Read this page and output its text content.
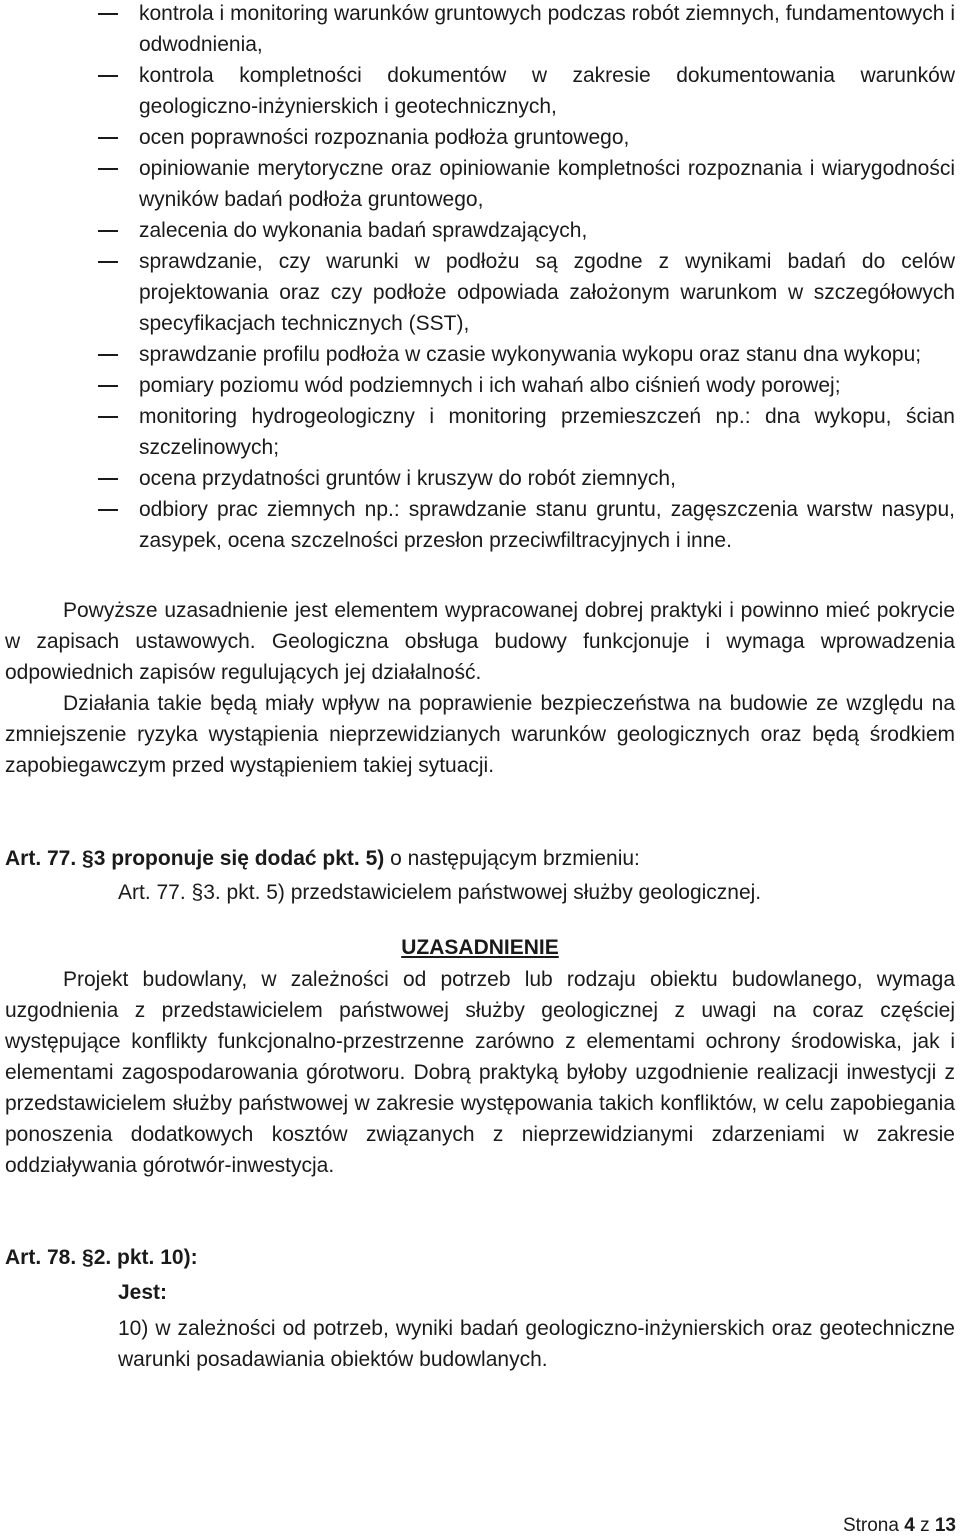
kontrola i monitoring warunków gruntowych podczas robót ziemnych, fundamentowych i odwodnienia,
kontrola kompletności dokumentów w zakresie dokumentowania warunków geologiczno-inżynierskich i geotechnicznych,
ocen poprawności rozpoznania podłoża gruntowego,
opiniowanie merytoryczne oraz opiniowanie kompletności rozpoznania i wiarygodności wyników badań podłoża gruntowego,
zalecenia do wykonania badań sprawdzających,
sprawdzanie, czy warunki w podłożu są zgodne z wynikami badań do celów projektowania oraz czy podłoże odpowiada założonym warunkom w szczegółowych specyfikacjach technicznych (SST),
sprawdzanie profilu podłoża w czasie wykonywania wykopu oraz stanu dna wykopu;
pomiary poziomu wód podziemnych i ich wahań albo ciśnień wody porowej;
monitoring hydrogeologiczny i monitoring przemieszczeń np.: dna wykopu, ścian szczelinowych;
ocena przydatności gruntów i kruszyw do robót ziemnych,
odbiory prac ziemnych np.: sprawdzanie stanu gruntu, zagęszczenia warstw nasypu, zasypek, ocena szczelności przesłon przeciwfiltracyjnych i inne.

Powyższe uzasadnienie jest elementem wypracowanej dobrej praktyki i powinno mieć pokrycie w zapisach ustawowych. Geologiczna obsługa budowy funkcjonuje i wymaga wprowadzenia odpowiednich zapisów regulujących jej działalność.

Działania takie będą miały wpływ na poprawienie bezpieczeństwa na budowie ze względu na zmniejszenie ryzyka wystąpienia nieprzewidzianych warunków geologicznych oraz będą środkiem zapobiegawczym przed wystąpieniem takiej sytuacji.

Art. 77. §3 proponuje się dodać pkt. 5) o następującym brzmieniu:

Art. 77. §3. pkt. 5) przedstawicielem państwowej służby geologicznej.

UZASADNIENIE

Projekt budowlany, w zależności od potrzeb lub rodzaju obiektu budowlanego, wymaga uzgodnienia z przedstawicielem państwowej służby geologicznej z uwagi na coraz częściej występujące konflikty funkcjonalno-przestrzenne zarówno z elementami ochrony środowiska, jak i elementami zagospodarowania górotworu. Dobrą praktyką byłoby uzgodnienie realizacji inwestycji z przedstawicielem służby państwowej w zakresie występowania takich konfliktów, w celu zapobiegania ponoszenia dodatkowych kosztów związanych z nieprzewidzianymi zdarzeniami w zakresie oddziaływania górotwór-inwestycja.

Art. 78. §2. pkt. 10):

Jest:

10) w zależności od potrzeb, wyniki badań geologiczno-inżynierskich oraz geotechniczne warunki posadawiania obiektów budowlanych.

Strona 4 z 13
